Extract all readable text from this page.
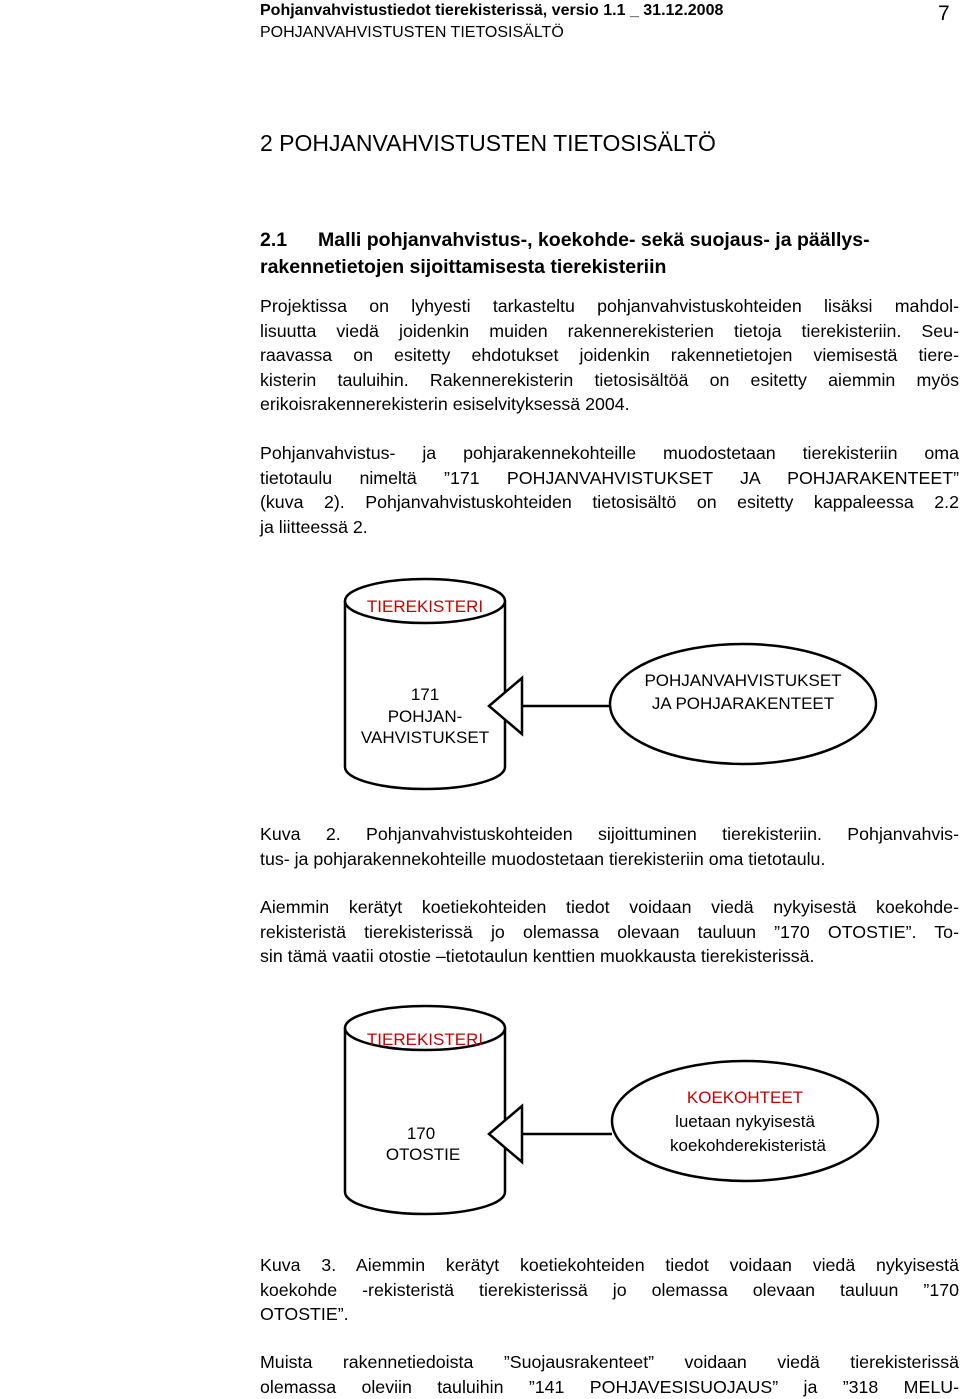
Pohjanvahvistustiedot tierekisterissä, versio 1.1 _ 31.12.2008
POHJANVAHVISTUSTEN TIETOSISÄLTÖ
7
2 POHJANVAHVISTUSTEN TIETOSISÄLTÖ
2.1 Malli pohjanvahvistus-, koekohde- sekä suojaus- ja päällys-
rakennetietojen sijoittamisesta tierekisteriin
Projektissa on lyhyesti tarkasteltu pohjanvahvistuskohteiden lisäksi mahdol-
lisuutta viedä joidenkin muiden rakennerekisterien tietoja tierekisteriin. Seu-
raavassa on esitetty ehdotukset joidenkin rakennetietojen viemisestä tiere-
kisterin tauluihin. Rakennerekisterin tietosisältöä on esitetty aiemmin myös
erikoisrakennerekisterin esiselvityksessä 2004.
Pohjanvahvistus- ja pohjarakennekohteille muodostetaan tierekisteriin oma
tietotaulu nimeltä ”171 POHJANVAHVISTUKSET JA POHJARAKENTEET”
(kuva 2). Pohjanvahvistuskohteiden tietosisältö on esitetty kappaleessa 2.2
ja liitteessä 2.
TIEREKISTERI
171
POHJAN-
VAHVISTUKSET
POHJANVAHVISTUKSET
JA POHJARAKENTEET
TIEREKISTERI
170
OTOSTIE
KOEKOHTEET
luetaan nykyisestä
koekohderekisteristä
Kuva 2. Pohjanvahvistuskohteiden sijoittuminen tierekisteriin. Pohjanvahvis-
tus- ja pohjarakennekohteille muodostetaan tierekisteriin oma tietotaulu.
Aiemmin kerätyt koetiekohteiden tiedot voidaan viedä nykyisestä koekohde-
rekisteristä tierekisterissä jo olemassa olevaan tauluun ”170 OTOSTIE”. To-
sin tämä vaatii otostie –tietotaulun kenttien muokkausta tierekisterissä.
Kuva 3. Aiemmin kerätyt koetiekohteiden tiedot voidaan viedä nykyisestä
koekohde -rekisteristä tierekisterissä jo olemassa olevaan tauluun ”170
OTOSTIE”.
Muista rakennetiedoista ”Suojausrakenteet” voidaan viedä tierekisterissä
olemassa oleviin tauluihin ”141 POHJAVESISUOJAUS” ja ”318 MELU-
